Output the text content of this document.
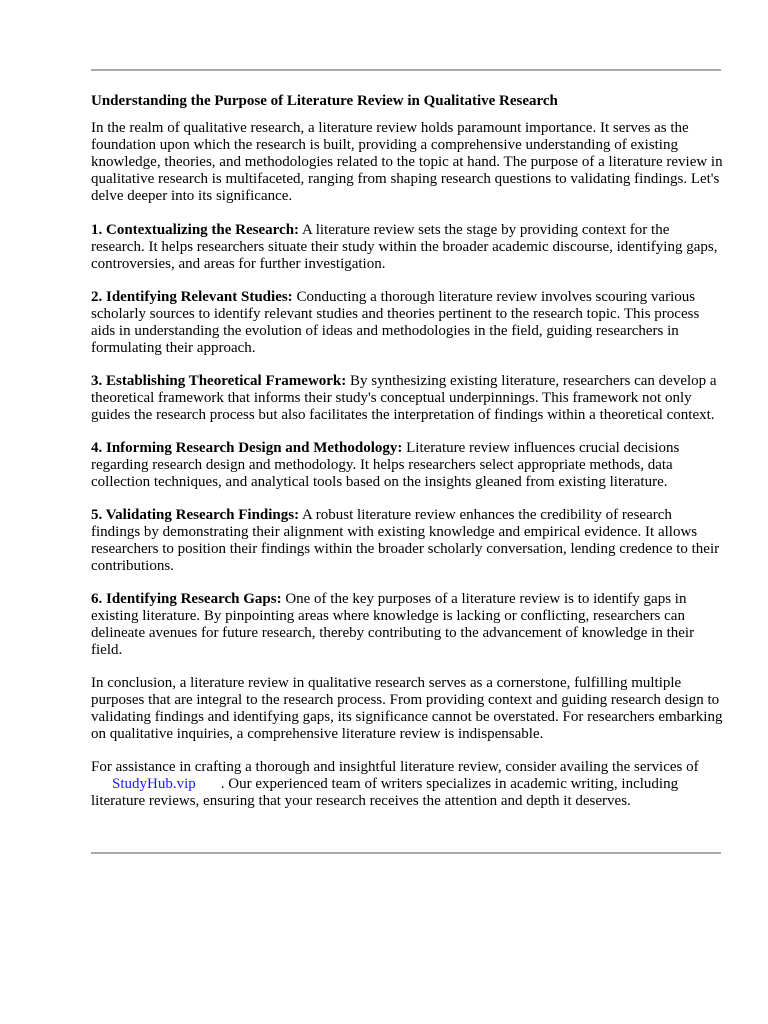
Understanding the Purpose of Literature Review in Qualitative Research

In the realm of qualitative research, a literature review holds paramount importance. It serves as the foundation upon which the research is built, providing a comprehensive understanding of existing knowledge, theories, and methodologies related to the topic at hand. The purpose of a literature review in qualitative research is multifaceted, ranging from shaping research questions to validating findings. Let's delve deeper into its significance.

1. Contextualizing the Research: A literature review sets the stage by providing context for the research. It helps researchers situate their study within the broader academic discourse, identifying gaps, controversies, and areas for further investigation.

2. Identifying Relevant Studies: Conducting a thorough literature review involves scouring various scholarly sources to identify relevant studies and theories pertinent to the research topic. This process aids in understanding the evolution of ideas and methodologies in the field, guiding researchers in formulating their approach.

3. Establishing Theoretical Framework: By synthesizing existing literature, researchers can develop a theoretical framework that informs their study's conceptual underpinnings. This framework not only guides the research process but also facilitates the interpretation of findings within a theoretical context.

4. Informing Research Design and Methodology: Literature review influences crucial decisions regarding research design and methodology. It helps researchers select appropriate methods, data collection techniques, and analytical tools based on the insights gleaned from existing literature.

5. Validating Research Findings: A robust literature review enhances the credibility of research findings by demonstrating their alignment with existing knowledge and empirical evidence. It allows researchers to position their findings within the broader scholarly conversation, lending credence to their contributions.

6. Identifying Research Gaps: One of the key purposes of a literature review is to identify gaps in existing literature. By pinpointing areas where knowledge is lacking or conflicting, researchers can delineate avenues for future research, thereby contributing to the advancement of knowledge in their field.

In conclusion, a literature review in qualitative research serves as a cornerstone, fulfilling multiple purposes that are integral to the research process. From providing context and guiding research design to validating findings and identifying gaps, its significance cannot be overstated. For researchers embarking on qualitative inquiries, a comprehensive literature review is indispensable.

For assistance in crafting a thorough and insightful literature review, consider availing the services of StudyHub.vip . Our experienced team of writers specializes in academic writing, including literature reviews, ensuring that your research receives the attention and depth it deserves.
